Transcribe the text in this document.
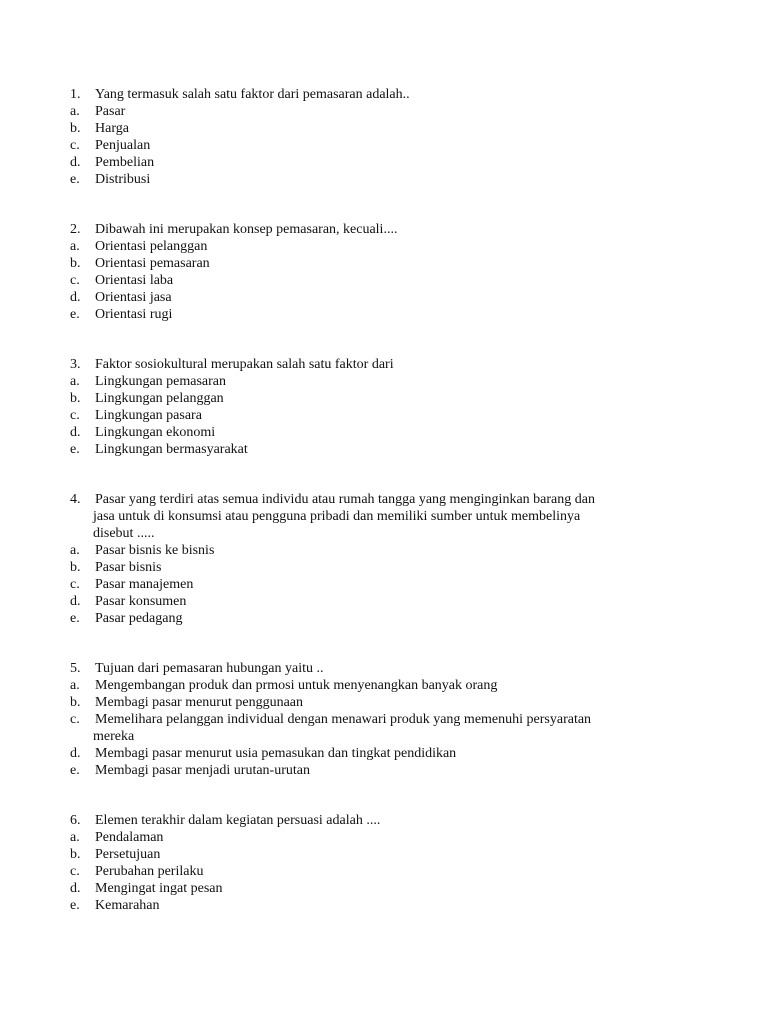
1. Yang termasuk salah satu faktor dari pemasaran adalah..
a. Pasar
b. Harga
c. Penjualan
d. Pembelian
e. Distribusi
2. Dibawah ini merupakan konsep pemasaran, kecuali....
a. Orientasi pelanggan
b. Orientasi pemasaran
c. Orientasi laba
d. Orientasi jasa
e. Orientasi rugi
3. Faktor sosiokultural merupakan salah satu faktor dari
a. Lingkungan pemasaran
b. Lingkungan pelanggan
c. Lingkungan pasara
d. Lingkungan ekonomi
e. Lingkungan bermasyarakat
4. Pasar yang terdiri atas semua individu atau rumah tangga yang menginginkan barang dan
jasa untuk di konsumsi atau pengguna pribadi dan memiliki sumber untuk membelinya
disebut .....
a. Pasar bisnis ke bisnis
b. Pasar bisnis
c. Pasar manajemen
d. Pasar konsumen
e. Pasar pedagang
5. Tujuan dari pemasaran hubungan yaitu ..
a. Mengembangan produk dan prmosi untuk menyenangkan banyak orang
b. Membagi pasar menurut penggunaan
c. Memelihara pelanggan individual dengan menawari produk yang memenuhi persyaratan
mereka
d. Membagi pasar menurut usia pemasukan dan tingkat pendidikan
e. Membagi pasar menjadi urutan-urutan
6. Elemen terakhir dalam kegiatan persuasi adalah ....
a. Pendalaman
b. Persetujuan
c. Perubahan perilaku
d. Mengingat ingat pesan
e. Kemarahan
